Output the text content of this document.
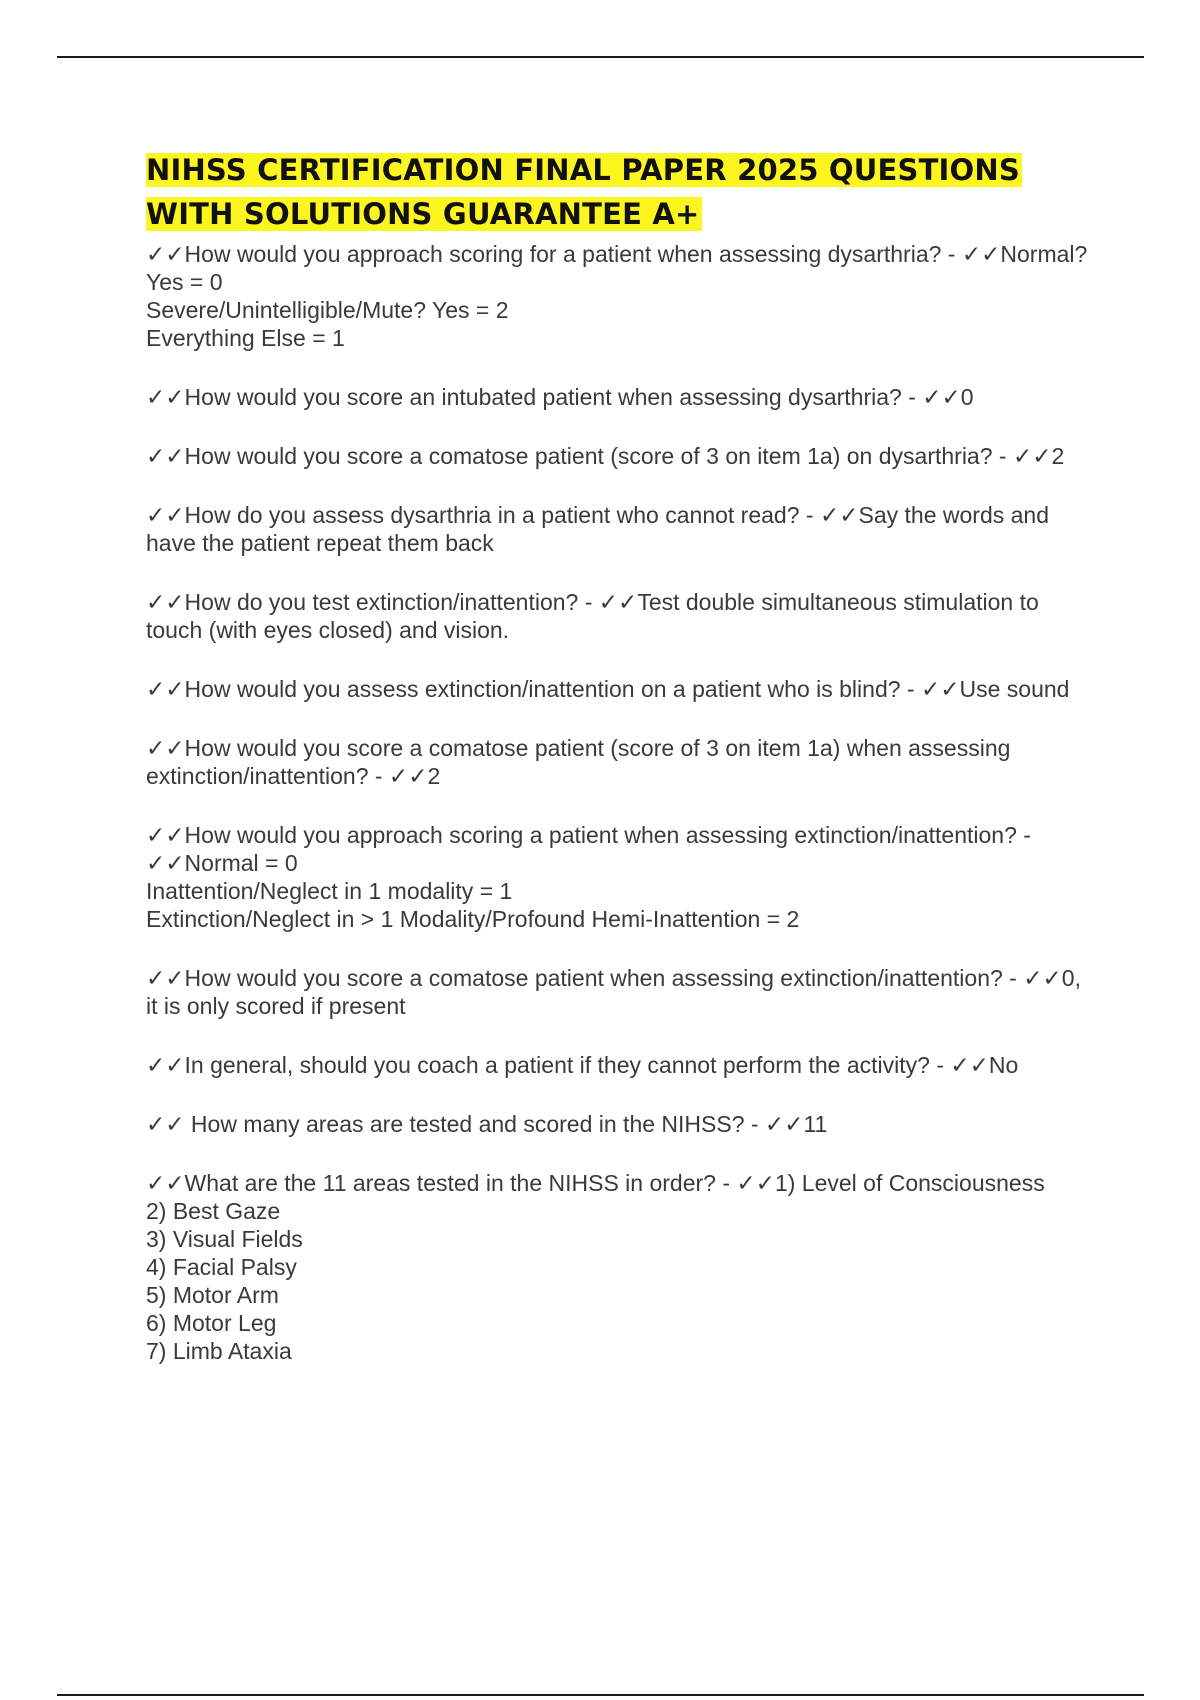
NIHSS CERTIFICATION FINAL PAPER 2025 QUESTIONS WITH SOLUTIONS GUARANTEE A+
✓✓How would you approach scoring for a patient when assessing dysarthria? - ✓✓Normal? Yes = 0
Severe/Unintelligible/Mute? Yes = 2
Everything Else = 1
✓✓How would you score an intubated patient when assessing dysarthria? - ✓✓0
✓✓How would you score a comatose patient (score of 3 on item 1a) on dysarthria? - ✓✓2
✓✓How do you assess dysarthria in a patient who cannot read? - ✓✓Say the words and have the patient repeat them back
✓✓How do you test extinction/inattention? - ✓✓Test double simultaneous stimulation to touch (with eyes closed) and vision.
✓✓How would you assess extinction/inattention on a patient who is blind? - ✓✓Use sound
✓✓How would you score a comatose patient (score of 3 on item 1a) when assessing extinction/inattention? - ✓✓2
✓✓How would you approach scoring a patient when assessing extinction/inattention? - ✓✓Normal = 0
Inattention/Neglect in 1 modality = 1
Extinction/Neglect in > 1 Modality/Profound Hemi-Inattention = 2
✓✓How would you score a comatose patient when assessing extinction/inattention? - ✓✓0, it is only scored if present
✓✓In general, should you coach a patient if they cannot perform the activity? - ✓✓No
✓✓ How many areas are tested and scored in the NIHSS? - ✓✓11
✓✓What are the 11 areas tested in the NIHSS in order? - ✓✓1) Level of Consciousness
2) Best Gaze
3) Visual Fields
4) Facial Palsy
5) Motor Arm
6) Motor Leg
7) Limb Ataxia
